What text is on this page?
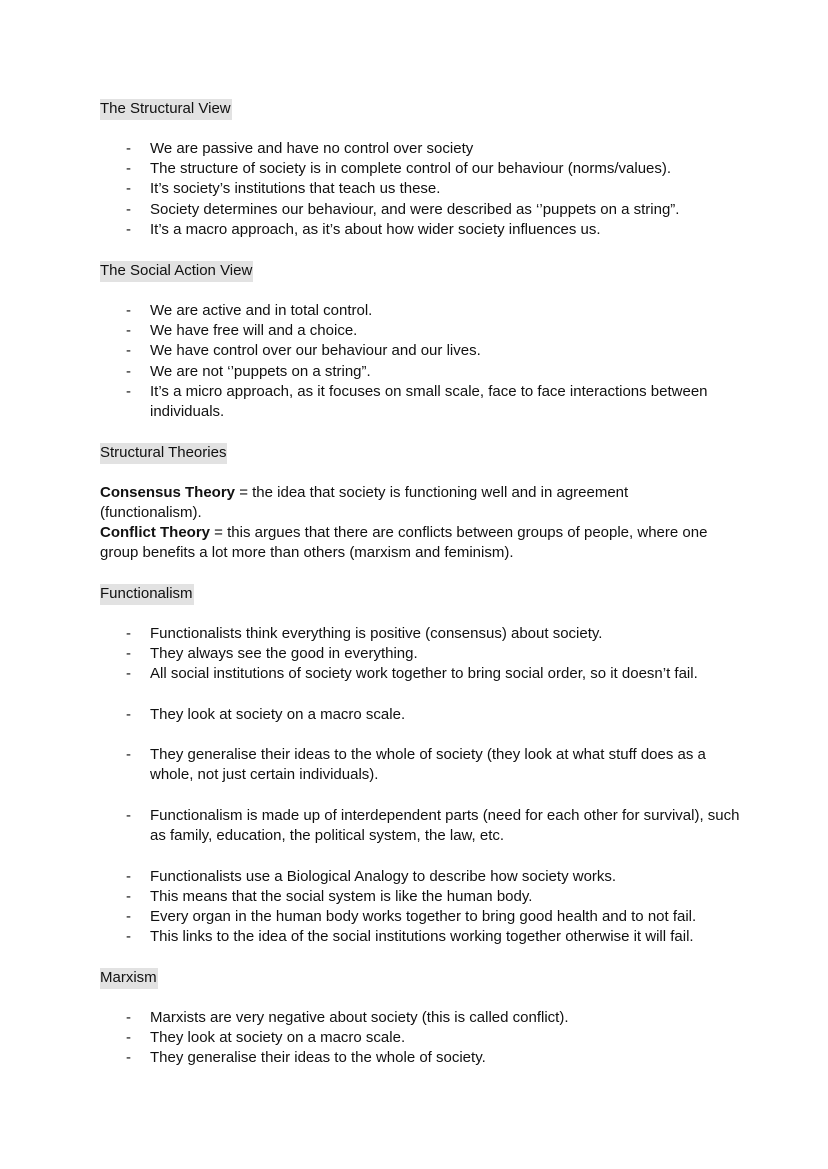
The Structural View
- We are passive and have no control over society
- The structure of society is in complete control of our behaviour (norms/values).
- It’s society’s institutions that teach us these.
- Society determines our behaviour, and were described as ‘’puppets on a string”.
- It’s a macro approach, as it’s about how wider society influences us.
The Social Action View
- We are active and in total control.
- We have free will and a choice.
- We have control over our behaviour and our lives.
- We are not ‘’puppets on a string”.
- It’s a micro approach, as it focuses on small scale, face to face interactions between individuals.
Structural Theories
Consensus Theory = the idea that society is functioning well and in agreement (functionalism).
Conflict Theory = this argues that there are conflicts between groups of people, where one group benefits a lot more than others (marxism and feminism).
Functionalism
- Functionalists think everything is positive (consensus) about society.
- They always see the good in everything.
- All social institutions of society work together to bring social order, so it doesn’t fail.
- They look at society on a macro scale.
- They generalise their ideas to the whole of society (they look at what stuff does as a whole, not just certain individuals).
- Functionalism is made up of interdependent parts (need for each other for survival), such as family, education, the political system, the law, etc.
- Functionalists use a Biological Analogy to describe how society works.
- This means that the social system is like the human body.
- Every organ in the human body works together to bring good health and to not fail.
- This links to the idea of the social institutions working together otherwise it will fail.
Marxism
- Marxists are very negative about society (this is called conflict).
- They look at society on a macro scale.
- They generalise their ideas to the whole of society.
